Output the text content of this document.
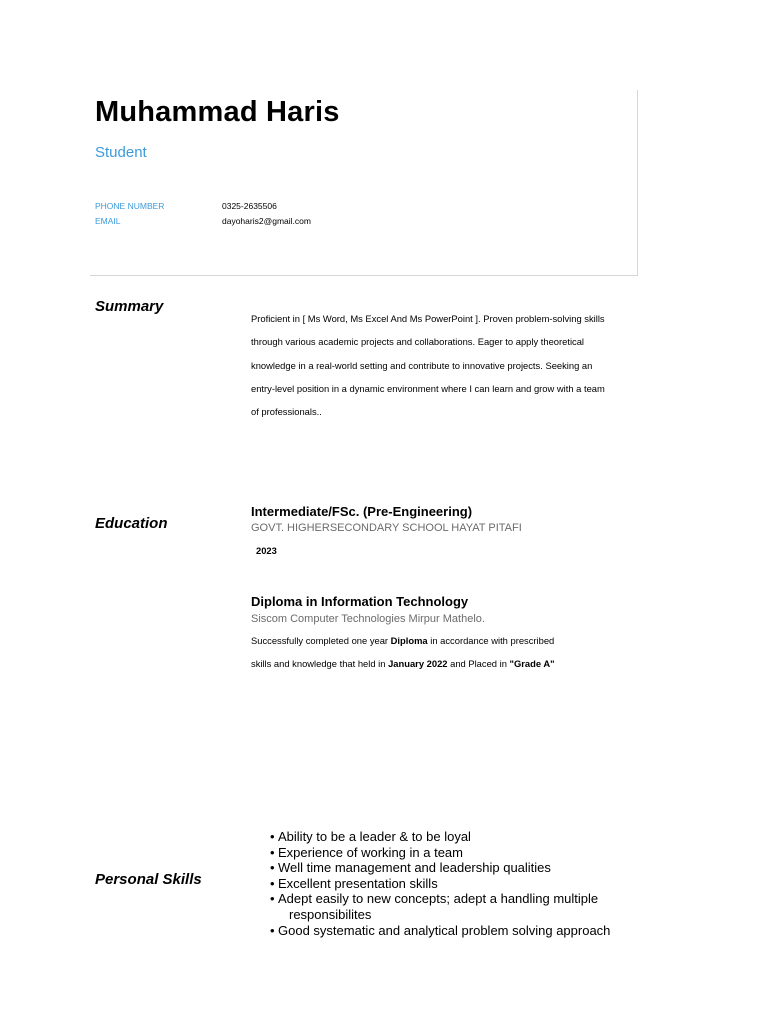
Muhammad Haris
Student
PHONE NUMBER	0325-2635506
EMAIL	dayoharis2@gmail.com
Summary
Proficient in [ Ms Word, Ms Excel And Ms PowerPoint ]. Proven problem-solving skills
through various academic projects and collaborations. Eager to apply theoretical
knowledge in a real-world setting and contribute to innovative projects. Seeking an
entry-level position in a dynamic environment where I can learn and grow with a team
of professionals..
Education
Intermediate/FSc. (Pre-Engineering)
GOVT. HIGHERSECONDARY SCHOOL HAYAT PITAFI
2023
Diploma in Information Technology
Siscom Computer Technologies Mirpur Mathelo.
Successfully completed one year Diploma in accordance with prescribed
skills and knowledge that held in January 2022 and Placed in "Grade A"
Personal Skills
• Ability to be a leader & to be loyal
• Experience of working in a team
• Well time management and leadership qualities
• Excellent presentation skills
• Adept easily to new concepts; adept a handling multiple
responsibilites
• Good systematic and analytical problem solving approach
